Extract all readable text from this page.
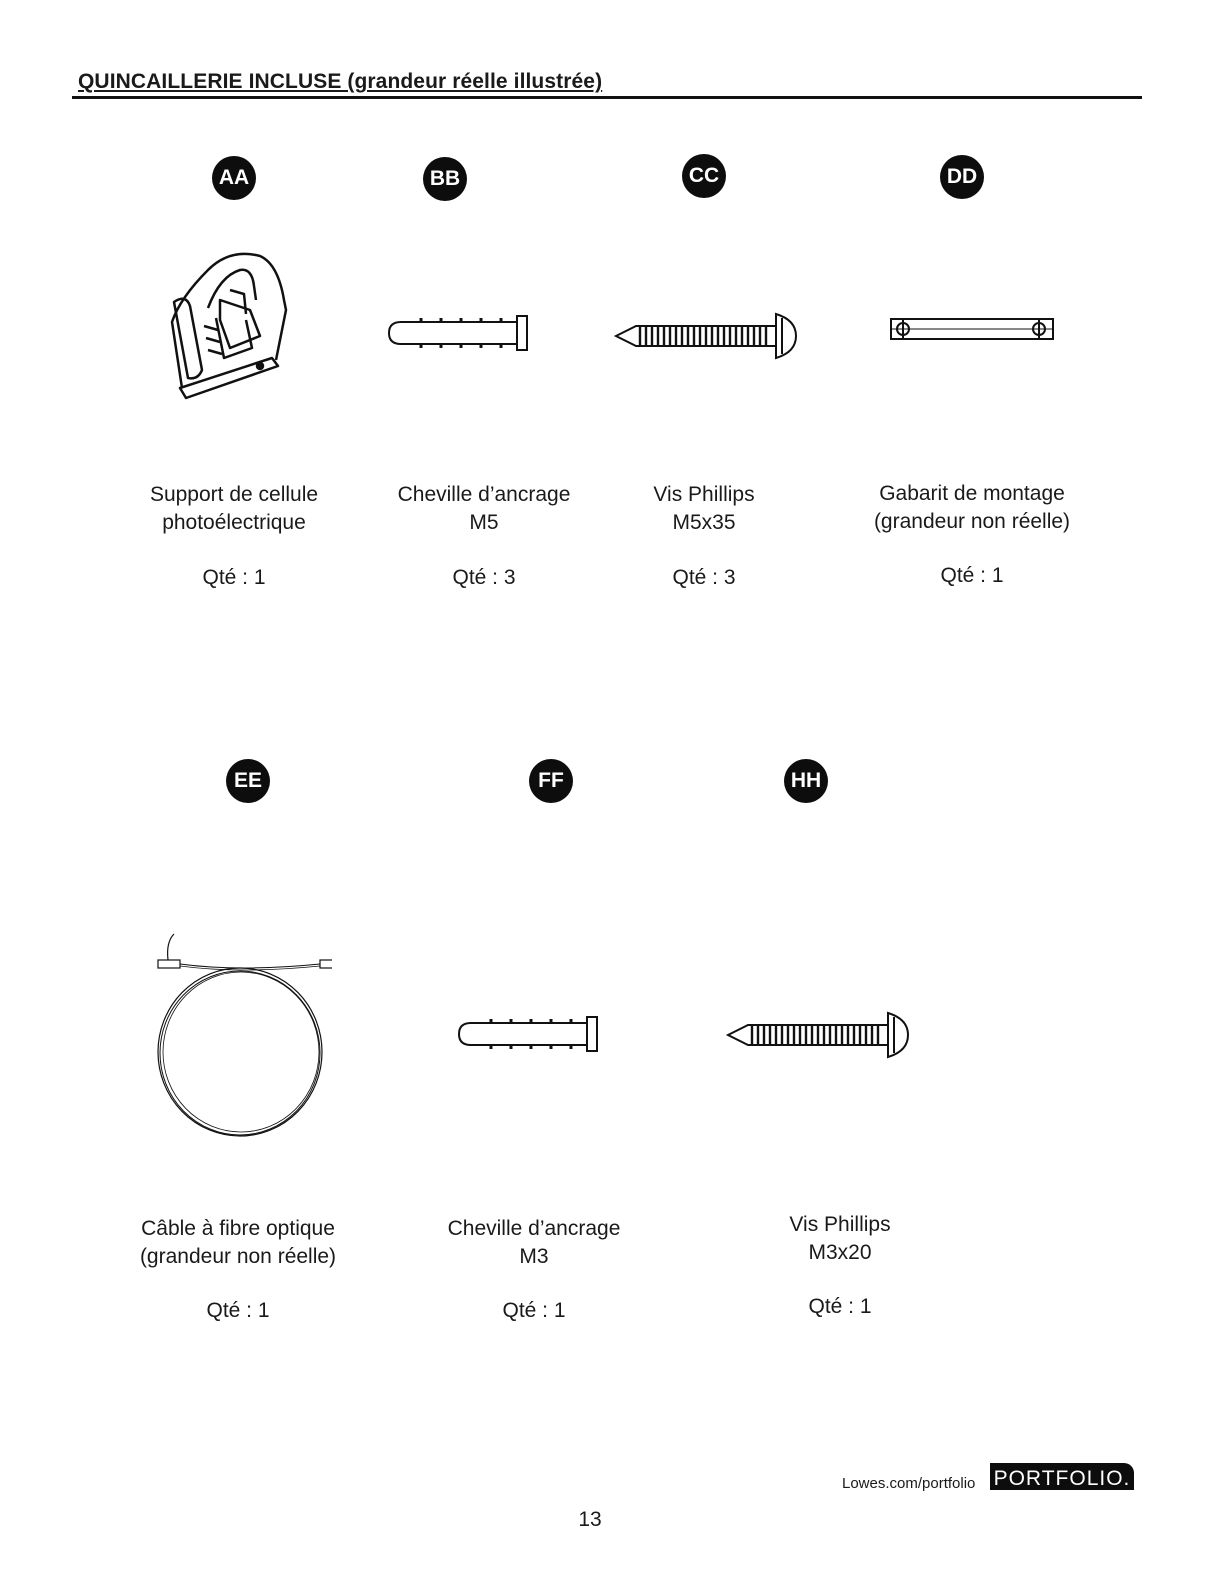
QUINCAILLERIE INCLUSE (grandeur réelle illustrée)
AA
Support de cellule
photoélectrique
Qté : 1
BB
Cheville d’ancrage
M5
Qté : 3
CC
Vis Phillips
M5x35
Qté : 3
DD
Gabarit de montage
(grandeur non réelle)
Qté : 1
EE
Câble à fibre optique
(grandeur non réelle)
Qté : 1
FF
Cheville d’ancrage
M3
Qté : 1
HH
Vis Phillips
M3x20
Qté : 1
Lowes.com/portfolio PORTFOLIO.
13
